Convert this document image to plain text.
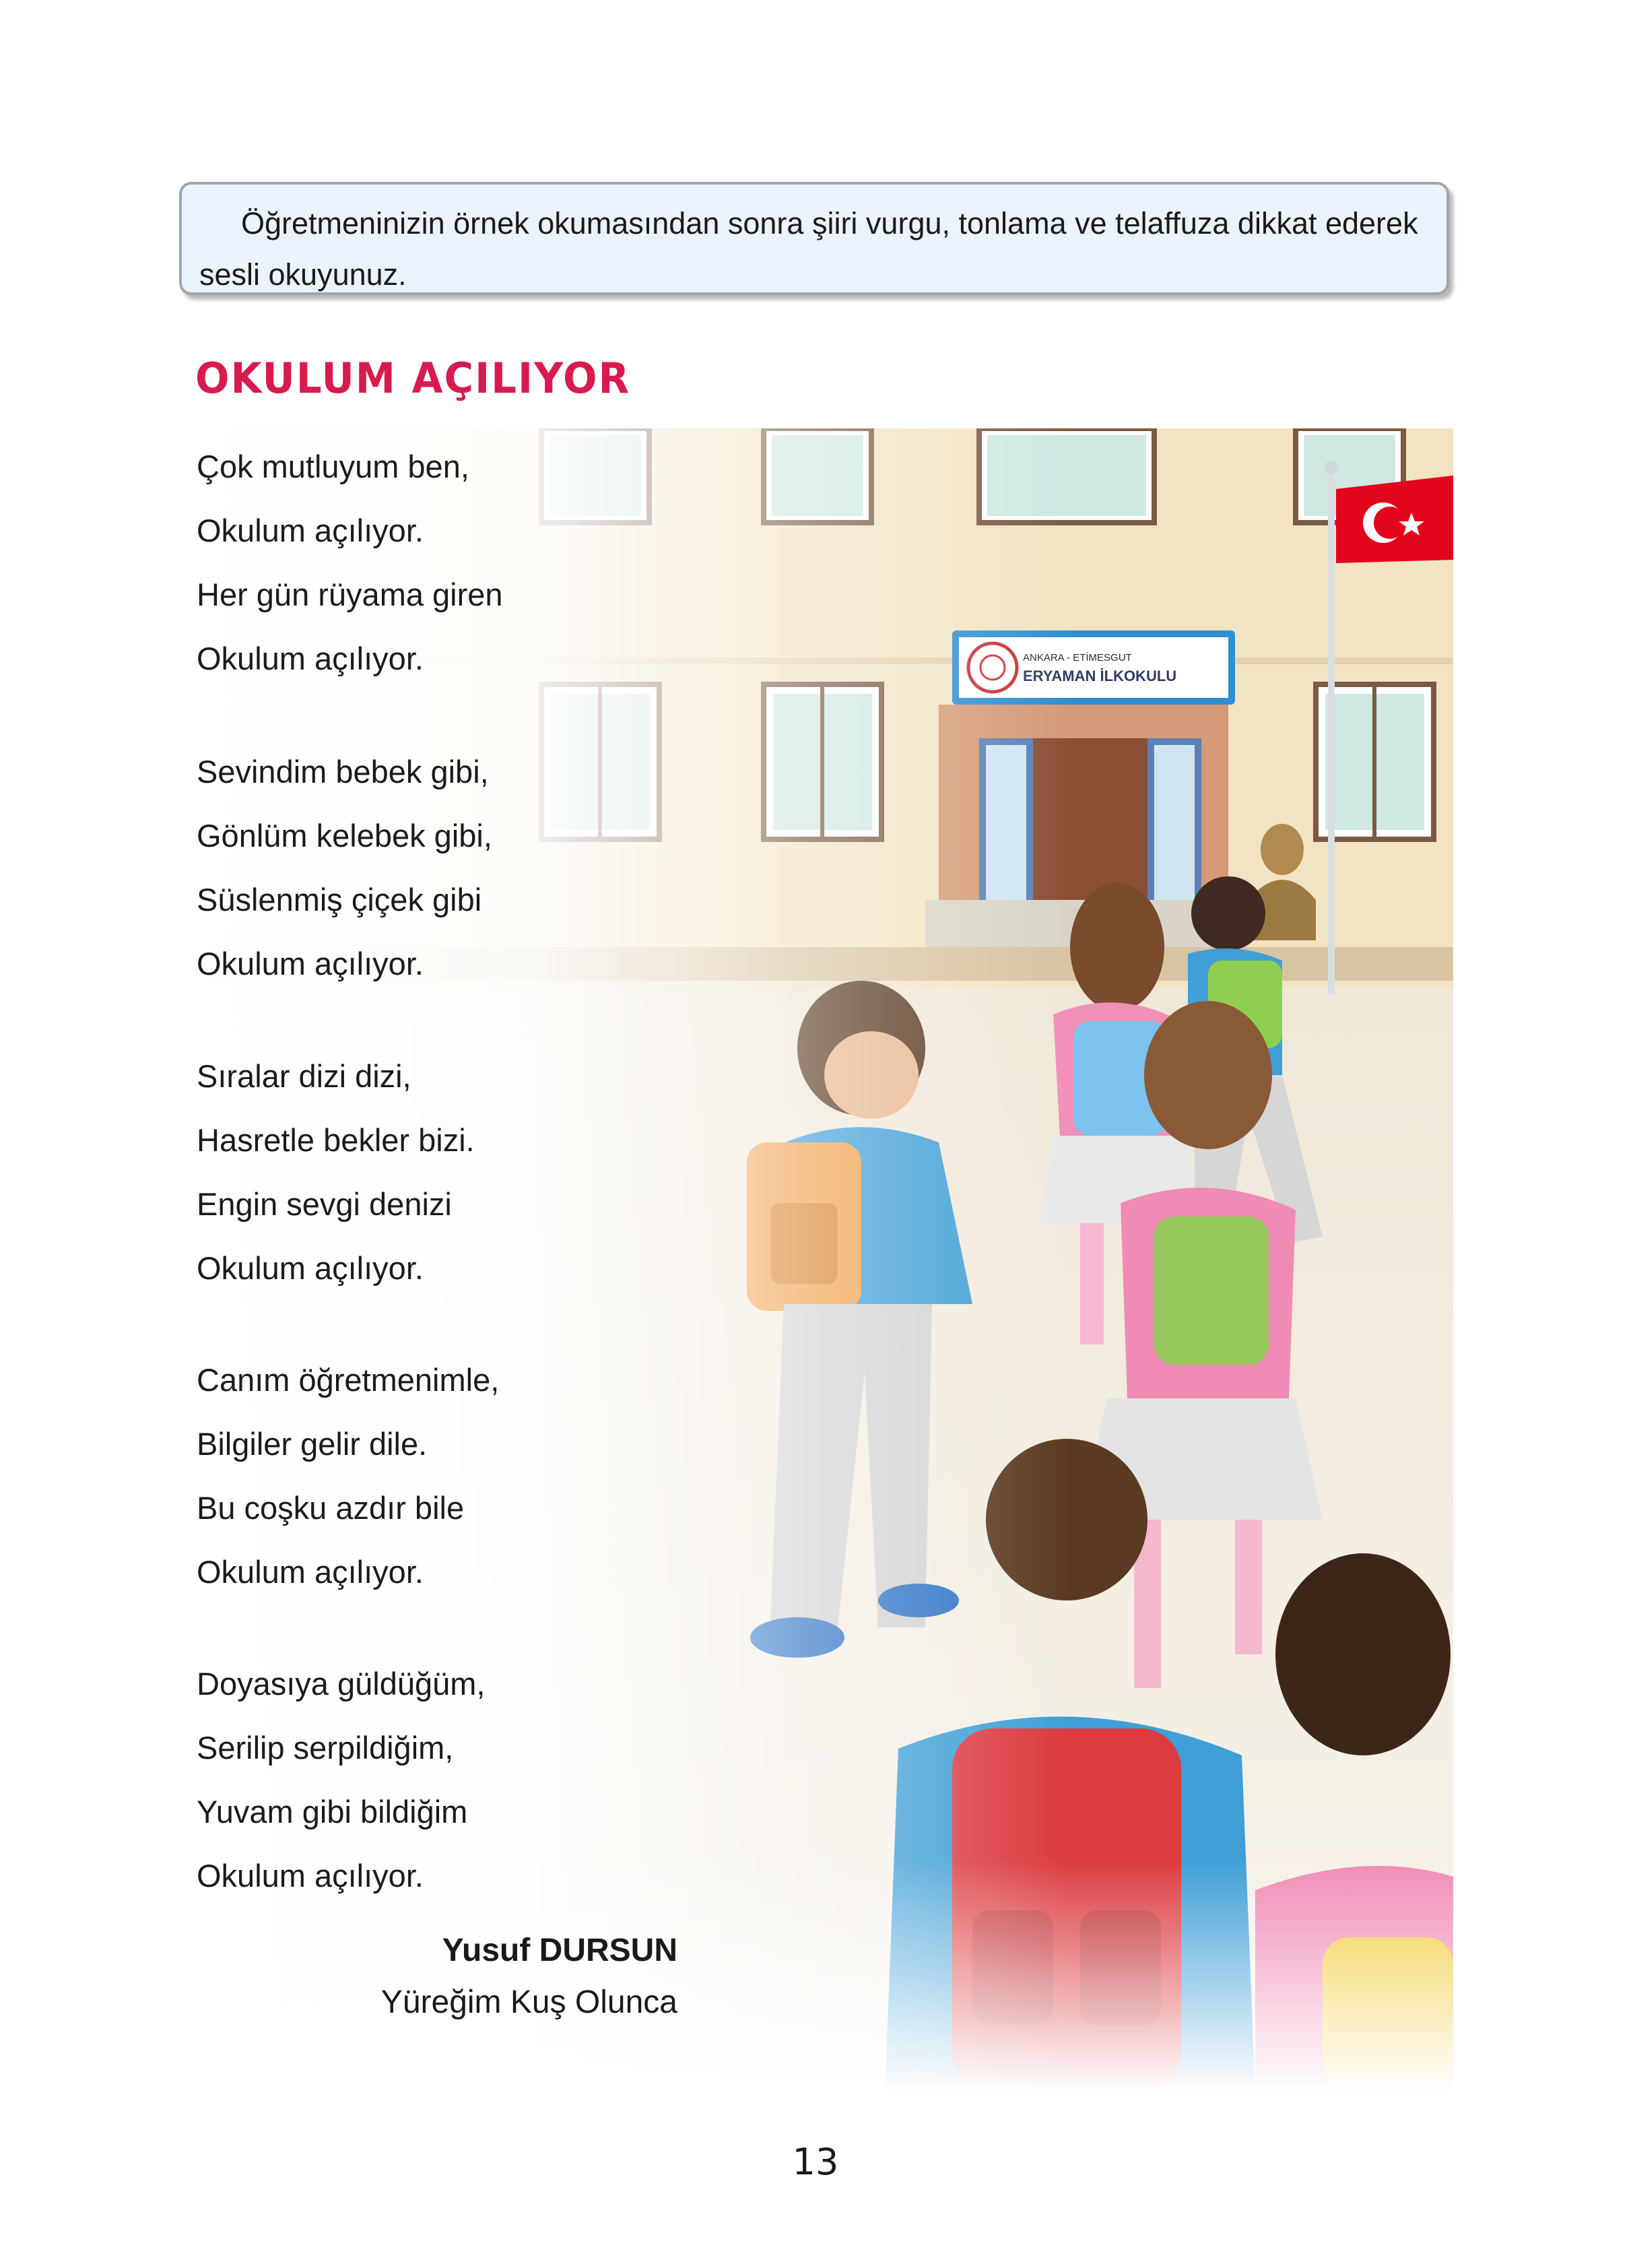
Öğretmeninizin örnek okumasından sonra şiiri vurgu, tonlama ve telaffuza dikkat ederek sesli okuyunuz.
OKULUM AÇILIYOR
Çok mutluyum ben,
Okulum açılıyor.
Her gün rüyama giren
Okulum açılıyor.
Sevindim bebek gibi,
Gönlüm kelebek gibi,
Süslenmiş çiçek gibi
Okulum açılıyor.
Sıralar dizi dizi,
Hasretle bekler bizi.
Engin sevgi denizi
Okulum açılıyor.
Canım öğretmenimle,
Bilgiler gelir dile.
Bu coşku azdır bile
Okulum açılıyor.
Doyasıya güldüğüm,
Serilip serpildiğim,
Yuvam gibi bildiğim
Okulum açılıyor.
Yusuf DURSUN
Yüreğim Kuş Olunca
13
